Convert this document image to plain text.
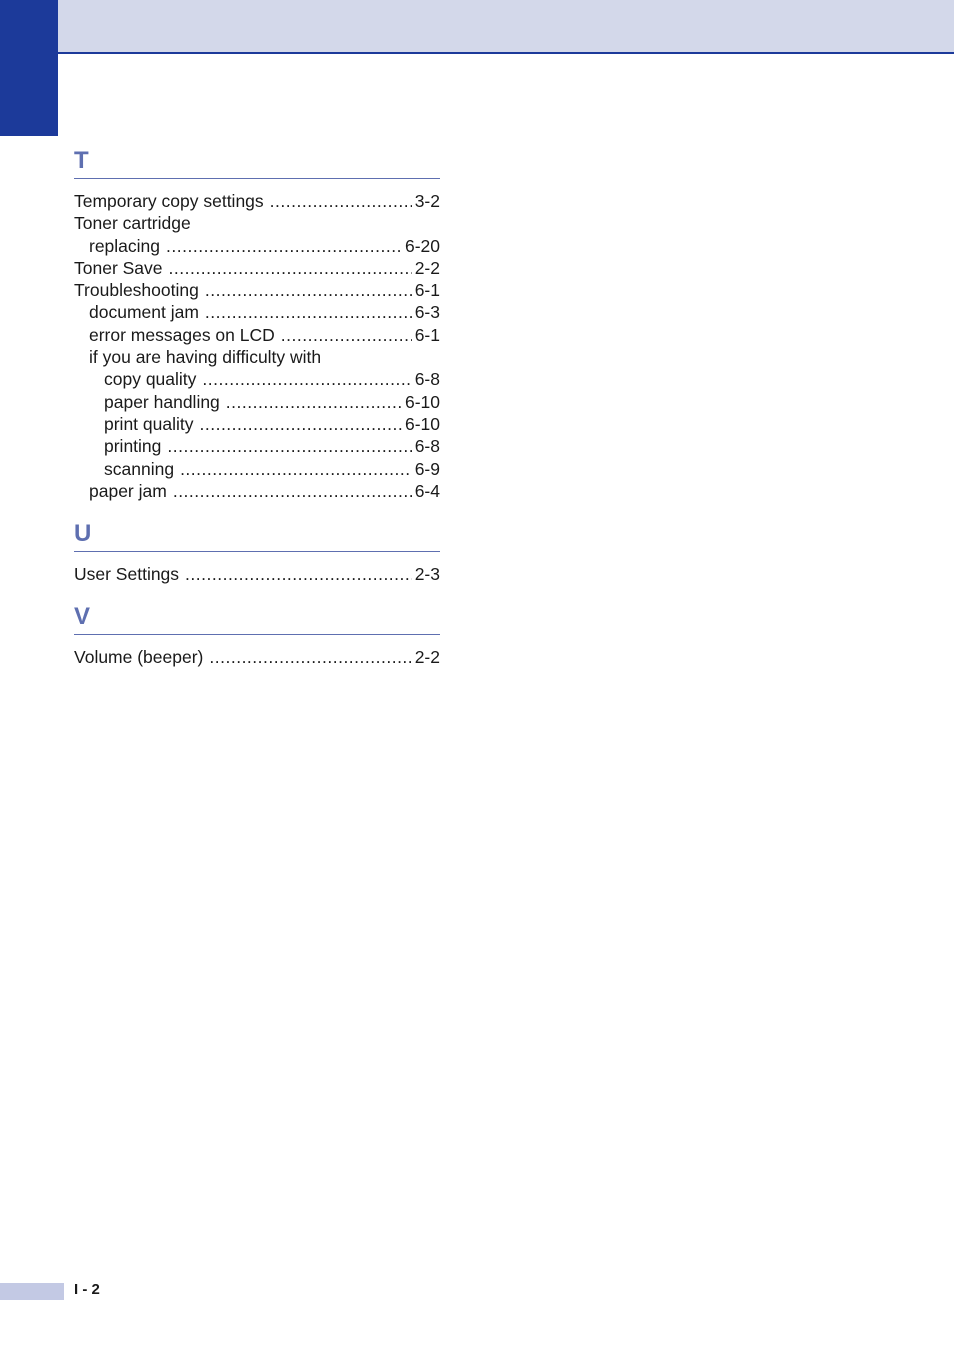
T
Temporary copy settings .....	3-2
Toner cartridge
replacing .....	6-20
Toner Save .....	2-2
Troubleshooting .....	6-1
document jam .....	6-3
error messages on LCD .....	6-1
if you are having difficulty with
copy quality .....	6-8
paper handling .....	6-10
print quality .....	6-10
printing .....	6-8
scanning .....	6-9
paper jam .....	6-4
U
User Settings .....	2-3
V
Volume (beeper) .....	2-2
I - 2
